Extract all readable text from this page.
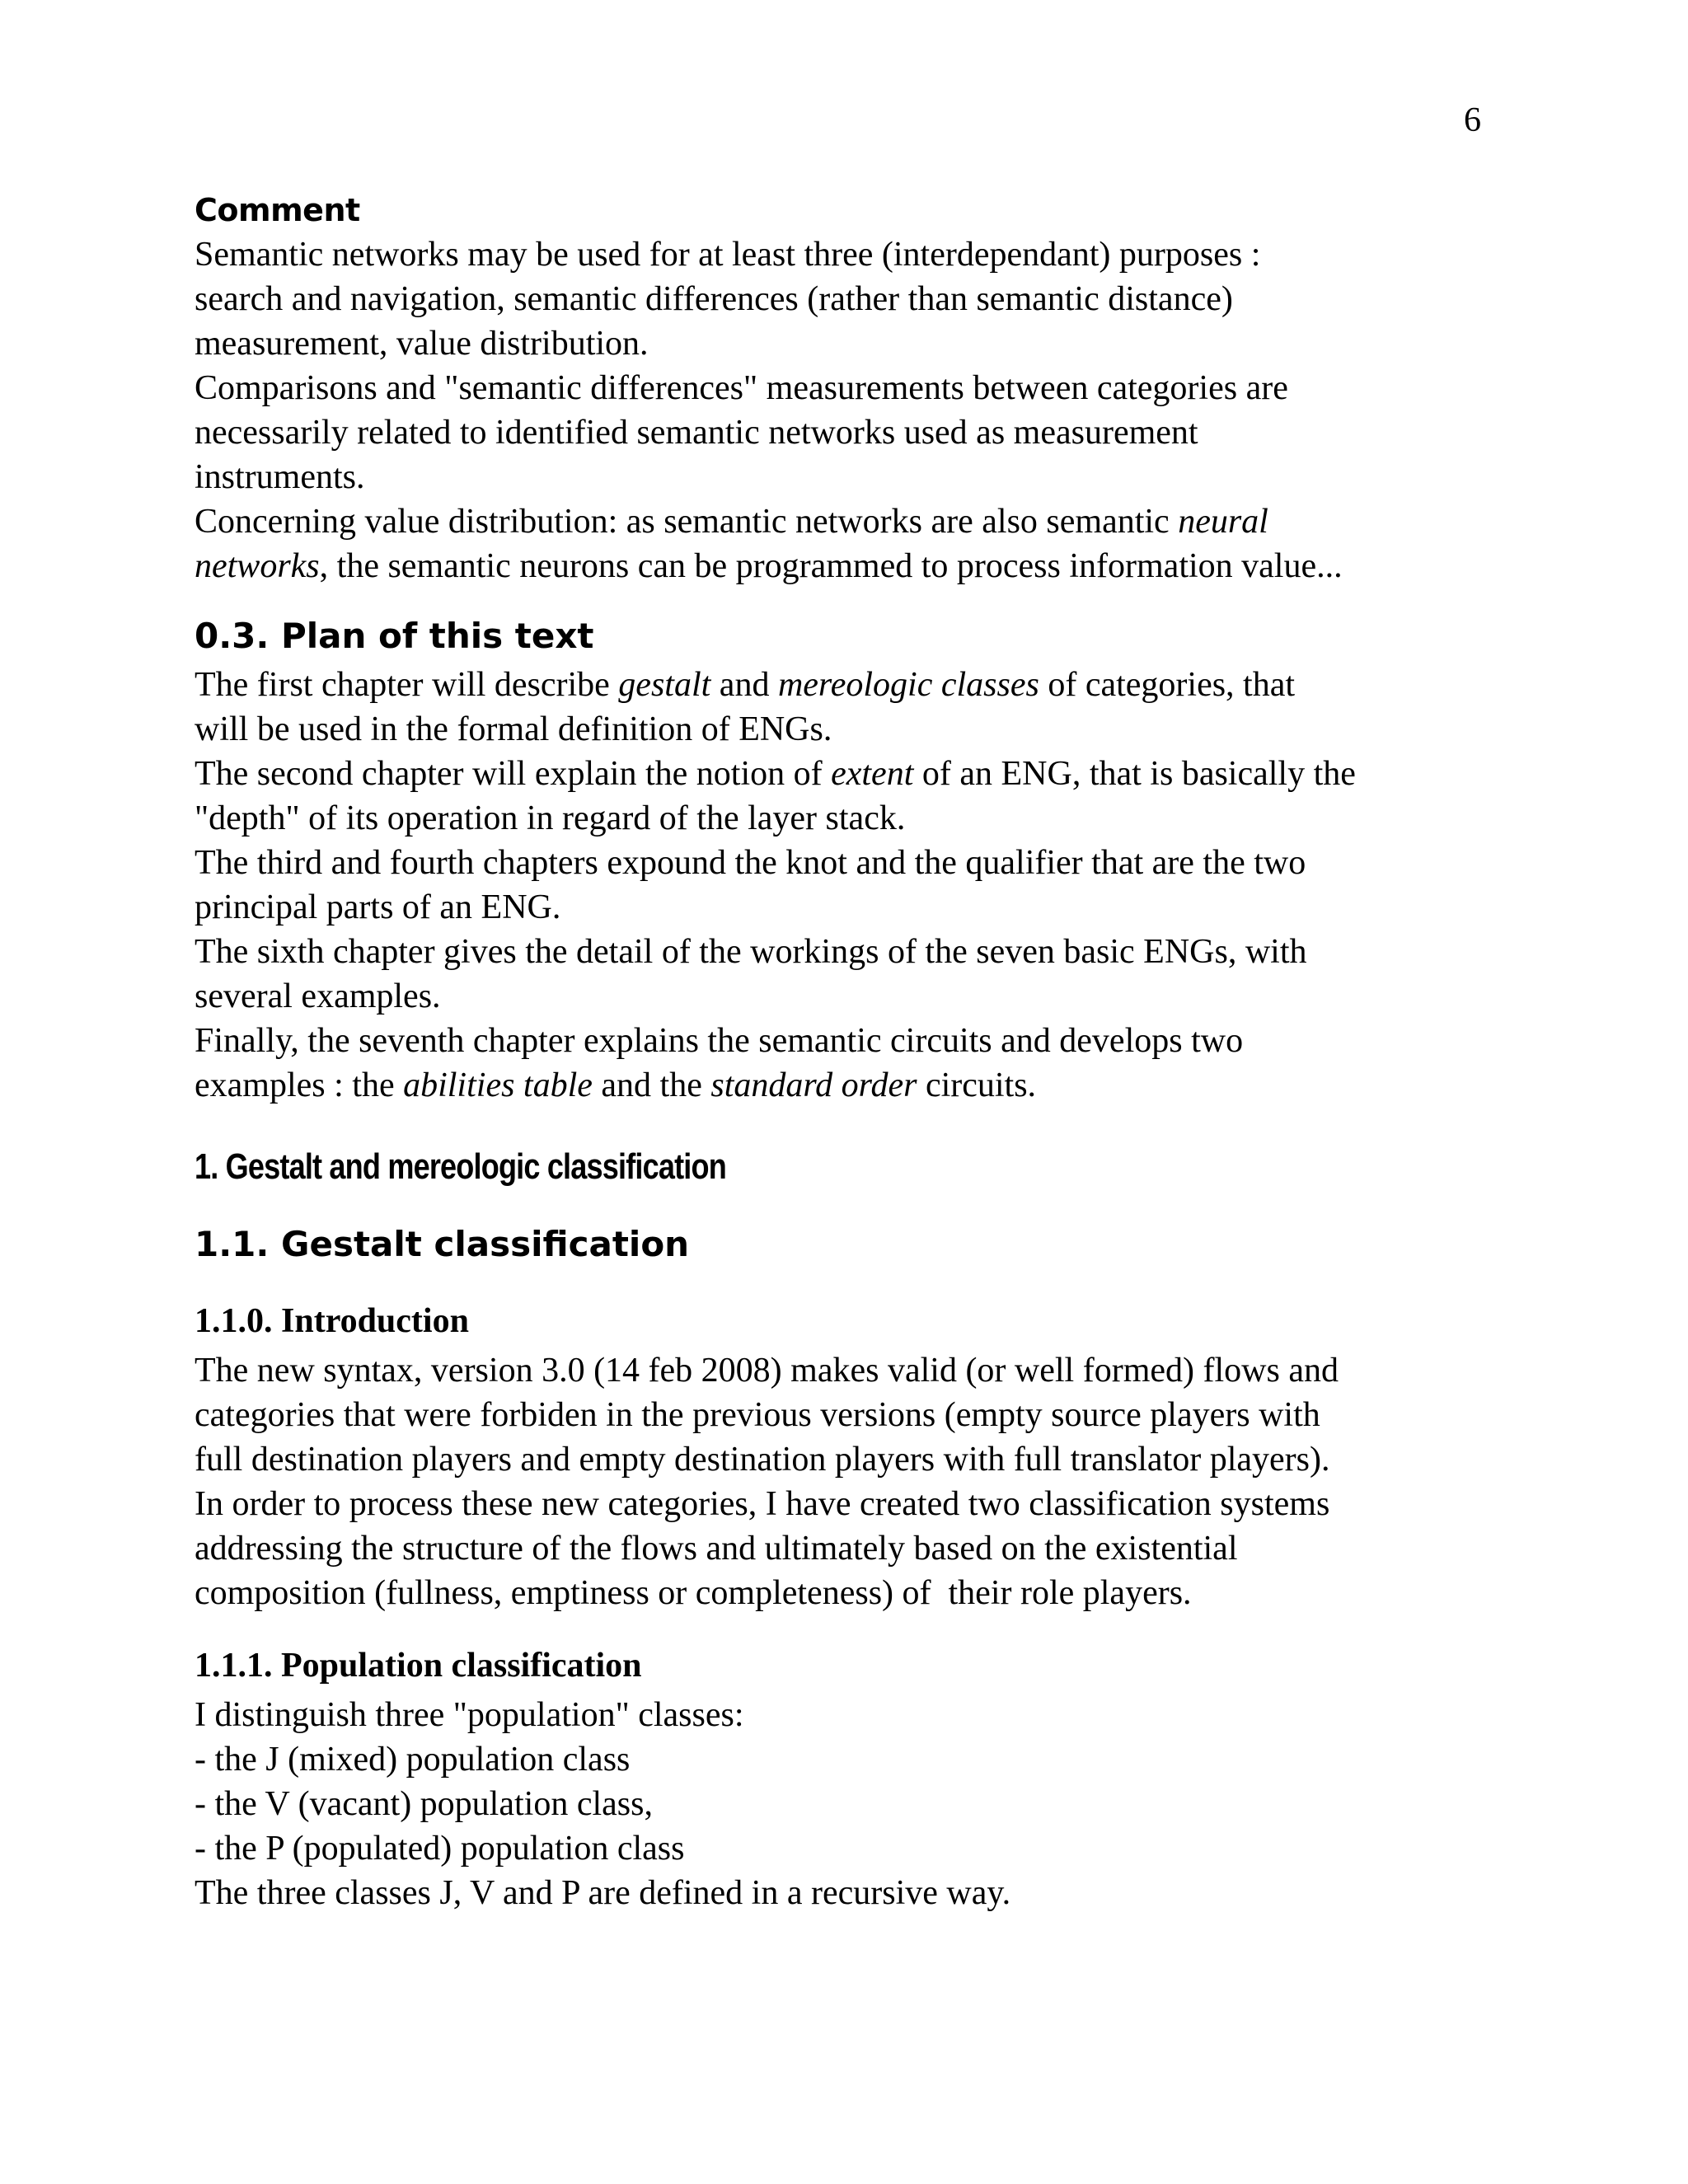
6
Comment

Semantic networks may be used for at least three (interdependant) purposes :

search and navigation, semantic differences (rather than semantic distance)

measurement, value distribution.

Comparisons and "semantic differences" measurements between categories are

necessarily related to identified semantic networks used as measurement

instruments.

Concerning value distribution: as semantic networks are also semantic neural

networks, the semantic neurons can be programmed to process information value...

0.3. Plan of this text

The first chapter will describe gestalt and mereologic classes of categories, that

will be used in the formal definition of ENGs.

The second chapter will explain the notion of extent of an ENG, that is basically the

"depth" of its operation in regard of the layer stack.

The third and fourth chapters expound the knot and the qualifier that are the two

principal parts of an ENG.

The sixth chapter gives the detail of the workings of the seven basic ENGs, with

several examples.

Finally, the seventh chapter explains the semantic circuits and develops two

examples : the abilities table and the standard order circuits.

1. Gestalt and mereologic classification
1.1. Gestalt classification
1.1.0. Introduction

The new syntax, version 3.0 (14 feb 2008) makes valid (or well formed) flows and

categories that were forbiden in the previous versions (empty source players with

full destination players and empty destination players with full translator players).

In order to process these new categories, I have created two classification systems

addressing the structure of the flows and ultimately based on the existential

composition (fullness, emptiness or completeness) of  their role players.

1.1.1. Population classification

I distinguish three "population" classes:

- the J (mixed) population class

- the V (vacant) population class,

- the P (populated) population class

The three classes J, V and P are defined in a recursive way.
